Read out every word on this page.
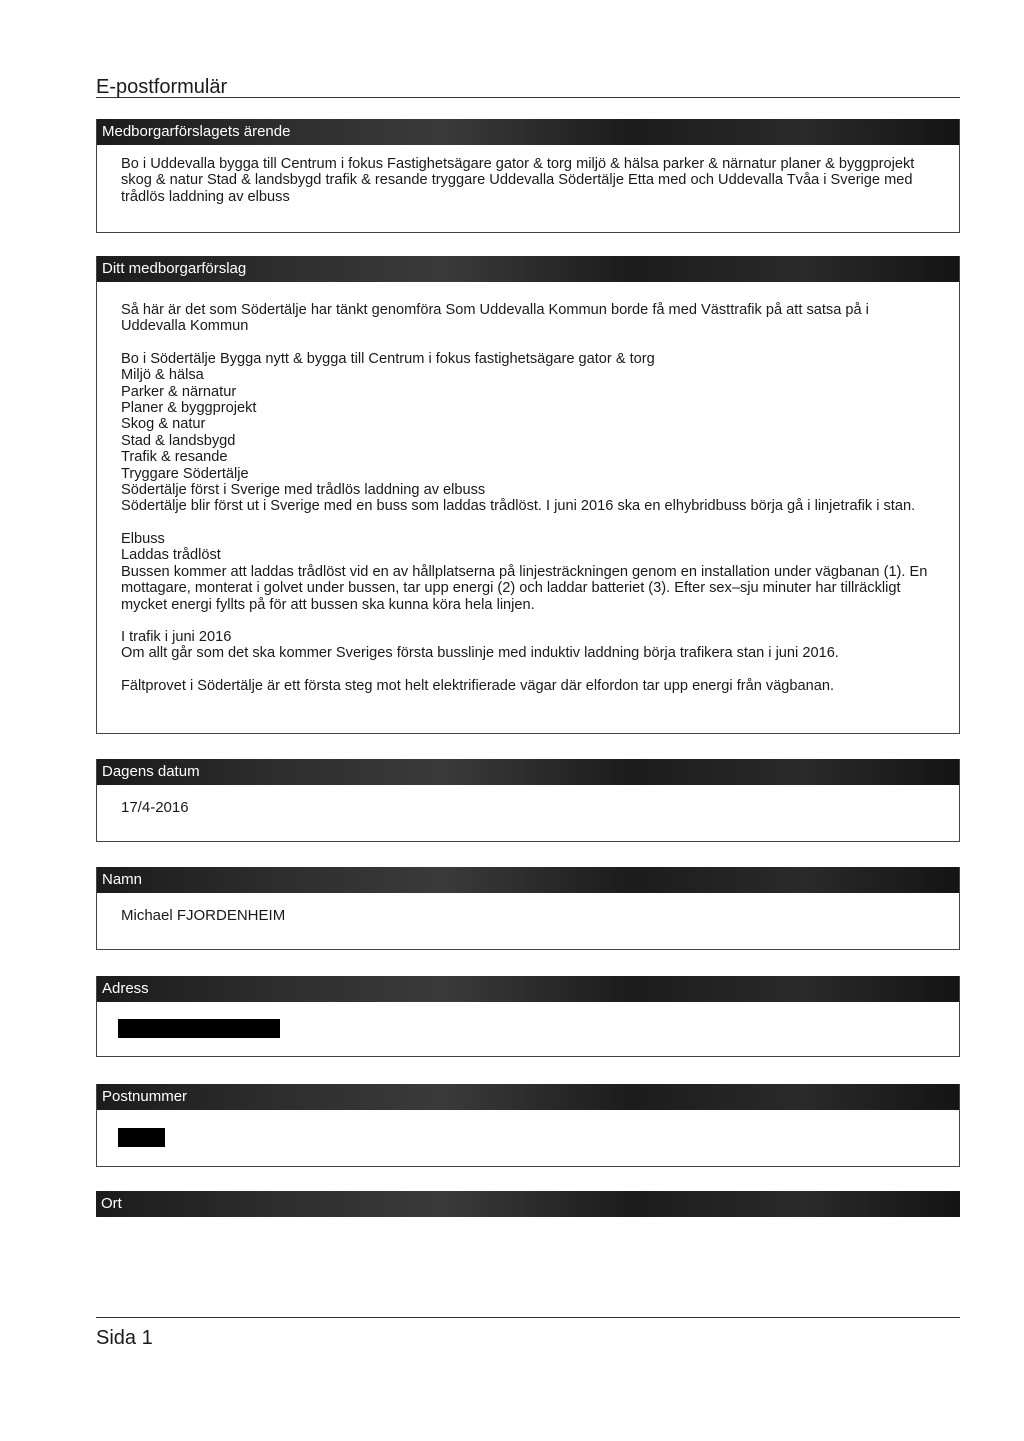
E-postformulär
Medborgarförslagets ärende

Bo i Uddevalla bygga till Centrum i fokus Fastighetsägare gator & torg miljö & hälsa parker & närnatur planer & byggprojekt skog & natur Stad & landsbygd trafik & resande tryggare Uddevalla Södertälje Etta med och Uddevalla Tvåa i Sverige med trådlös laddning av elbuss

Ditt medborgarförslag
Så här är det som Södertälje har tänkt genomföra Som Uddevalla Kommun borde få med Västtrafik på att satsa på i Uddevalla Kommun
Bo i Södertälje Bygga nytt & bygga till Centrum i fokus fastighetsägare gator & torg
Miljö & hälsa
Parker & närnatur
Planer & byggprojekt
Skog & natur
Stad & landsbygd
Trafik & resande
Tryggare Södertälje
Södertälje först i Sverige med trådlös laddning av elbuss
Södertälje blir först ut i Sverige med en buss som laddas trådlöst. I juni 2016 ska en elhybridbuss börja gå i linjetrafik i stan.
Elbuss
Laddas trådlöst
Bussen kommer att laddas trådlöst vid en av hållplatserna på linjesträckningen genom en installation under vägbanan (1). En mottagare, monterat i golvet under bussen, tar upp energi (2) och laddar batteriet (3). Efter sex–sju minuter har tillräckligt mycket energi fyllts på för att bussen ska kunna köra hela linjen.
I trafik i juni 2016
Om allt går som det ska kommer Sveriges första busslinje med induktiv laddning börja trafikera stan i juni 2016.
Fältprovet i Södertälje är ett första steg mot helt elektrifierade vägar där elfordon tar upp energi från vägbanan.
Dagens datum
17/4-2016
Namn
Michael FJORDENHEIM
Adress
Postnummer
Ort
Sida 1
